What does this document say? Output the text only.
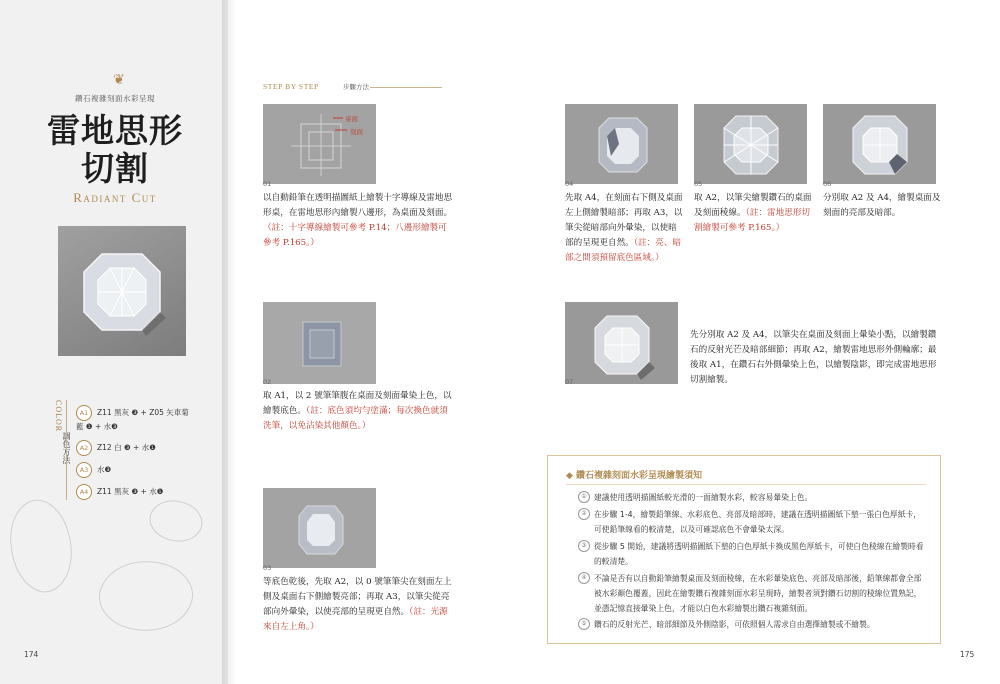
❦
鑽石複雜刻面水彩呈現
雷地思形
切割
Radiant Cut
COLOR	A1 Z11 黑灰 ❸ + Z05 矢車菊藍 ❶ + 水❸
A2 Z12 白 ❸ + 水❶
A3 水❸
A4 Z11 黑灰 ❸ + 水❶
174
STEP BY STEP	步驟方法
桌面
刻面
01
以自動鉛筆在透明描圖紙上繪製十字導線及雷地思形桌，在雷地思形內繪製八邊形，為桌面及刻面。（註：十字導線繪製可參考 P.14；八邊形繪製可參考 P.165。）
02
取 A1，以 2 號筆筆腹在桌面及刻面暈染上色，以繪製底色。（註：底色須均勻塗滿；每次換色就須洗筆，以免沾染其他顏色。）
03
等底色乾後，先取 A2，以 0 號筆筆尖在刻面左上側及桌面右下側繪製亮部；再取 A3，以筆尖從亮部向外暈染，以使亮部的呈現更自然。（註：光源來自左上角。）
04
先取 A4，在刻面右下側及桌面左上側繪製暗部；再取 A3，以筆尖從暗部向外暈染，以使暗部的呈現更自然。（註：亮、暗部之間須預留底色區域。）
05
取 A2，以筆尖繪製鑽石的桌面及刻面稜線。（註：雷地思形切割繪製可參考 P.165。）
06
分別取 A2 及 A4，繪製桌面及刻面的亮部及暗部。
07
先分別取 A2 及 A4，以筆尖在桌面及刻面上暈染小點，以繪製鑽石的反射光芒及暗部細節；再取 A2，繪製雷地思形外側輪廓；最後取 A1，在鑽石右外側暈染上色，以繪製陰影，即完成雷地思形切割繪製。
◆ 鑽石複雜刻面水彩呈現繪製須知
① 建議使用透明描圖紙較光滑的一面繪製水彩，較容易暈染上色。
② 在步驟 1-4，繪製鉛筆線、水彩底色、亮部及暗部時，建議在透明描圖紙下墊一張白色厚紙卡，可使鉛筆線看的較清楚，以及可確認底色不會暈染太深。
③ 從步驟 5 開始，建議將透明描圖紙下墊的白色厚紙卡換成黑色厚紙卡，可使白色稜線在繪製時看的較清楚。
④ 不論是否有以自動鉛筆繪製桌面及刻面稜線，在水彩暈染底色、亮部及暗部後，鉛筆線都會全部被水彩顏色覆蓋，因此在繪製鑽石複雜刻面水彩呈現時，繪製者須對鑽石切割的稜線位置熟記，並憑記憶直接暈染上色，才能以白色水彩繪製出鑽石複雜刻面。
⑤ 鑽石的反射光芒、暗部細節及外側陰影，可依照個人需求自由選擇繪製或不繪製。
175
